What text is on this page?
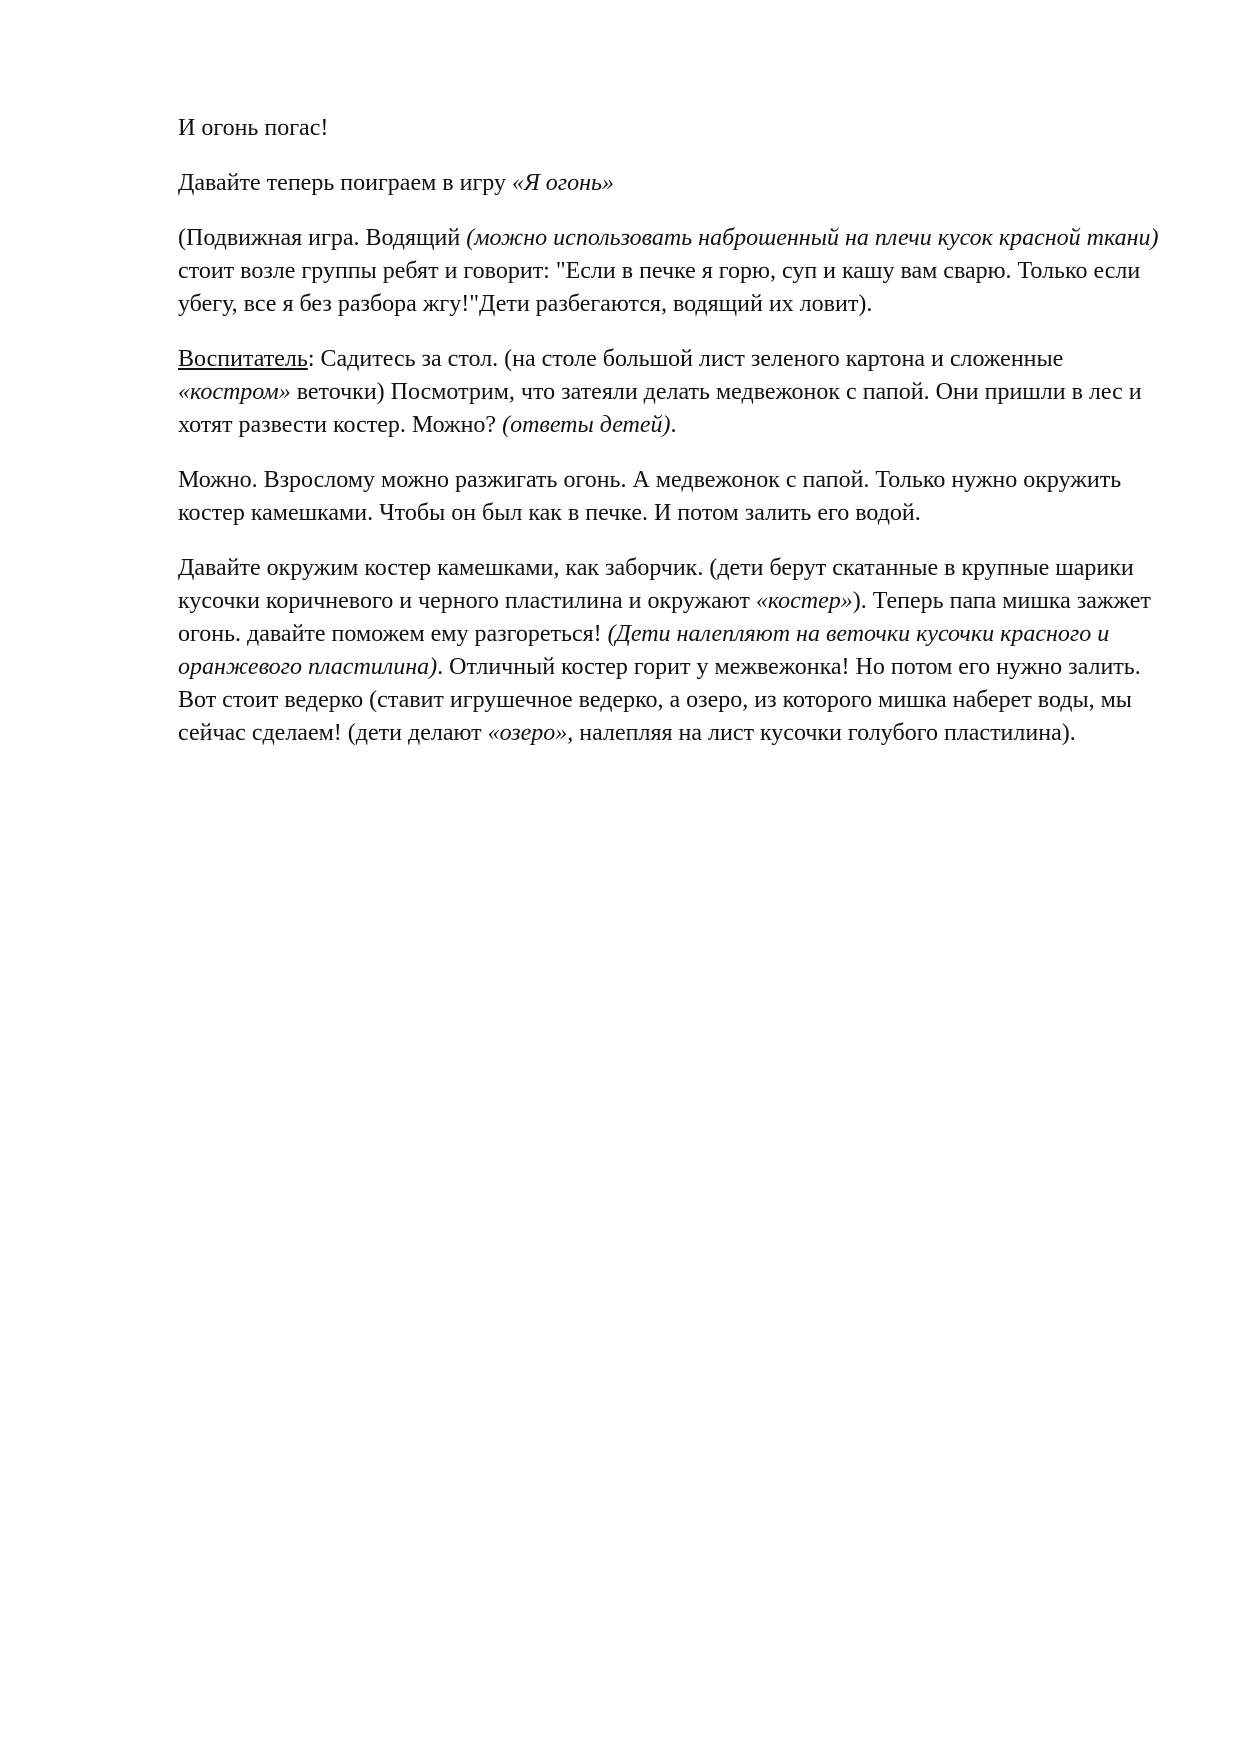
И огонь погас!

Давайте теперь поиграем в игру «Я огонь»

(Подвижная игра. Водящий (можно использовать наброшенный на плечи кусок красной ткани) стоит возле группы ребят и говорит: "Если в печке я горю, суп и кашу вам сварю. Только если убегу, все я без разбора жгу!"Дети разбегаются, водящий их ловит).

Воспитатель: Садитесь за стол. (на столе большой лист зеленого картона и сложенные «костром» веточки) Посмотрим, что затеяли делать медвежонок с папой. Они пришли в лес и хотят развести костер. Можно? (ответы детей).

Можно. Взрослому можно разжигать огонь. А медвежонок с папой. Только нужно окружить костер камешками. Чтобы он был как в печке. И потом залить его водой.

Давайте окружим костер камешками, как заборчик. (дети берут скатанные в крупные шарики кусочки коричневого и черного пластилина и окружают «костер»). Теперь папа мишка зажжет огонь. давайте поможем ему разгореться! (Дети налепляют на веточки кусочки красного и оранжевого пластилина). Отличный костер горит у межвежонка! Но потом его нужно залить. Вот стоит ведерко (ставит игрушечное ведерко, а озеро, из которого мишка наберет воды, мы сейчас сделаем! (дети делают «озеро», налепляя на лист кусочки голубого пластилина).
